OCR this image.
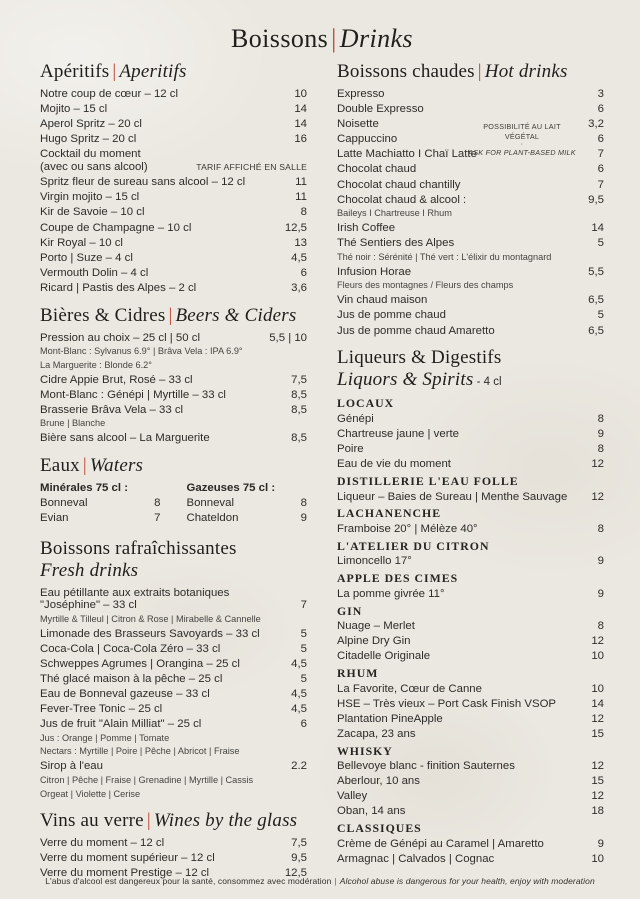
Boissons | Drinks
Apéritifs | Aperitifs
Notre coup de cœur – 12 cl	10
Mojito – 15 cl	14
Aperol Spritz – 20 cl	14
Hugo Spritz – 20 cl	16
Cocktail du moment
(avec ou sans alcool)	TARIF AFFICHÉ EN SALLE
Spritz fleur de sureau sans alcool – 12 cl	11
Virgin mojito – 15 cl	11
Kir de Savoie – 10 cl	8
Coupe de Champagne – 10 cl	12,5
Kir Royal – 10 cl	13
Porto | Suze – 4 cl	4,5
Vermouth Dolin – 4 cl	6
Ricard | Pastis des Alpes – 2 cl	3,6
Bières & Cidres | Beers & Ciders
Pression au choix – 25 cl | 50 cl	5,5 | 10
Mont-Blanc : Sylvanus 6.9° | Brâva Vela : IPA 6.9°
La Marguerite : Blonde 6.2°
Cidre Appie Brut, Rosé – 33 cl	7,5
Mont-Blanc : Génépi | Myrtille – 33 cl	8,5
Brasserie Brâva Vela – 33 cl	8,5
Brune | Blanche
Bière sans alcool – La Marguerite	8,5
Eaux | Waters
Minérales 75 cl :
Bonneval	8
Evian	7
Gazeuses 75 cl :
Bonneval	8
Chateldon	9
Boissons rafraîchissantes
Fresh drinks
Eau pétillante aux extraits botaniques
"Joséphine" – 33 cl	7
Myrtille & Tilleul | Citron & Rose | Mirabelle & Cannelle
Limonade des Brasseurs Savoyards – 33 cl	5
Coca-Cola | Coca-Cola Zéro – 33 cl	5
Schweppes Agrumes | Orangina – 25 cl	4,5
Thé glacé maison à la pêche – 25 cl	5
Eau de Bonneval gazeuse – 33 cl	4,5
Fever-Tree Tonic – 25 cl	4,5
Jus de fruit "Alain Milliat" – 25 cl	6
Jus : Orange | Pomme | Tomate
Nectars : Myrtille | Poire | Pêche | Abricot | Fraise
Sirop à l'eau	2.2
Citron | Pêche | Fraise | Grenadine | Myrtille | Cassis
Orgeat | Violette | Cerise
Vins au verre | Wines by the glass
Verre du moment – 12 cl	7,5
Verre du moment supérieur – 12 cl	9,5
Verre du moment Prestige – 12 cl	12,5
Boissons chaudes | Hot drinks
Expresso	3
Double Expresso	6
Noisette	3,2
Cappuccino	6
Latte Machiatto I Chaï Latte	7
Chocolat chaud	6
Chocolat chaud chantilly	7
Chocolat chaud & alcool :	9,5
Baileys I Chartreuse I Rhum
Irish Coffee	14
Thé Sentiers des Alpes	5
Thé noir : Sérénité | Thé vert : L'élixir du montagnard
Infusion Horae	5,5
Fleurs des montagnes / Fleurs des champs
Vin chaud maison	6,5
Jus de pomme chaud	5
Jus de pomme chaud Amaretto	6,5
POSSIBILITÉ AU LAIT VÉGÉTAL
·
ASK FOR PLANT-BASED MILK
Liqueurs & Digestifs
Liquors & Spirits - 4 cl
LOCAUX
Génépi	8
Chartreuse jaune | verte	9
Poire	8
Eau de vie du moment	12
DISTILLERIE L'EAU FOLLE
Liqueur – Baies de Sureau | Menthe Sauvage 12
LACHANENCHE
Framboise 20° | Mélèze 40°	8
L'ATELIER DU CITRON
Limoncello 17°	9
APPLE DES CIMES
La pomme givrée 11°	9
GIN
Nuage – Merlet	8
Alpine Dry Gin	12
Citadelle Originale	10
RHUM
La Favorite, Cœur de Canne	10
HSE – Très vieux – Port Cask Finish VSOP	14
Plantation PineApple	12
Zacapa, 23 ans	15
WHISKY
Bellevoye blanc - finition Sauternes	12
Aberlour, 10 ans	15
Valley	12
Oban, 14 ans	18
CLASSIQUES
Crème de Génépi au Caramel | Amaretto	9
Armagnac | Calvados | Cognac	10
L'abus d'alcool est dangereux pour la santé, consommez avec modération | Alcohol abuse is dangerous for your health, enjoy with moderation
